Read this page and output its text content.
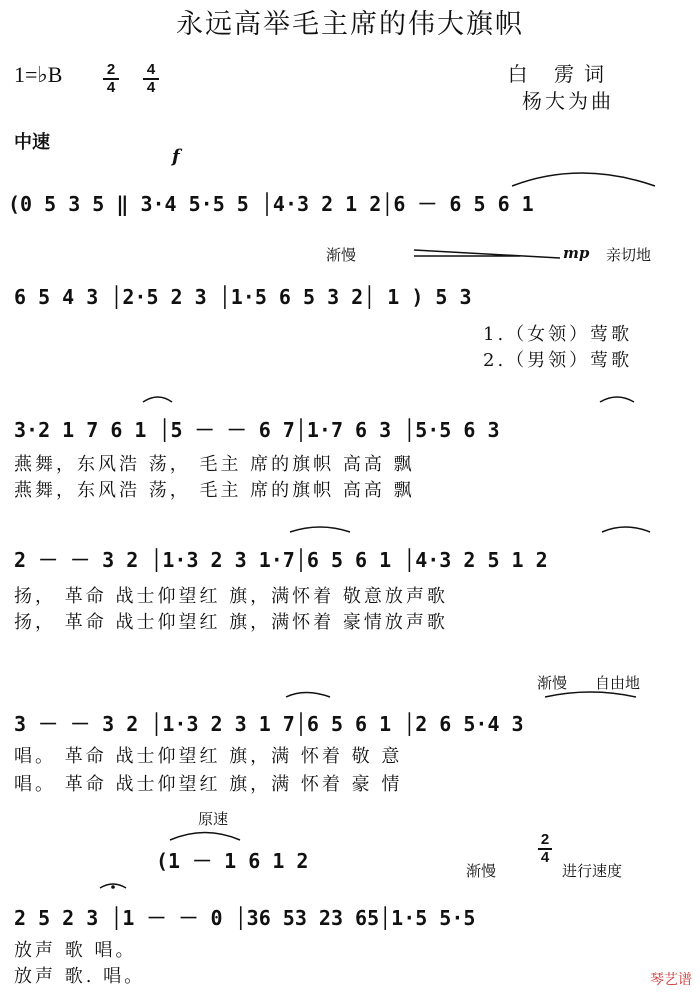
永远高举毛主席的伟大旗帜
1=♭B	$\frac{2}{4} \frac{4}{4}$	白 雳词
杨大为曲
中速
f
(0 5 3 5 ‖ 3·4 5·5 5 │4·3 2 1 2│6 － 6 5 6 1
渐慢	mp 亲切地
6 5 4 3 │2·5 2 3 │1·5 6 5 3 2│ 1 ) 5 3
1.（女领）莺歌
2.（男领）莺歌
3·2 1 7 6 1 │5 － － 6 7│1·7 6 3 │5·5 6 3
燕舞，东风浩 荡， 毛主 席的旗帜 高高 飘
燕舞，东风浩 荡， 毛主 席的旗帜 高高 飘
2 － － 3 2 │1·3 2 3 1·7│6 5 6 1 │4·3 2 5 1 2
扬， 革命 战士仰望红 旗，满怀着 敬意放声歌
扬， 革命 战士仰望红 旗，满怀着 豪情放声歌
渐慢 自由地
3 － － 3 2 │1·3 2 3 1 7│6 5 6 1 │2 6 5·4 3
唱。 革命 战士仰望红 旗，满 怀着 敬 意
唱。 革命 战士仰望红 旗，满 怀着 豪 情
原速
(1 － 1 6 1 2	渐慢
$\frac{2}{4}$
进行速度
2 5 2 3 │1 － － 0 │36 53 23 65│1·5 5·5
放声 歌 唱。
放声 歌. 唱。	琴艺谱
